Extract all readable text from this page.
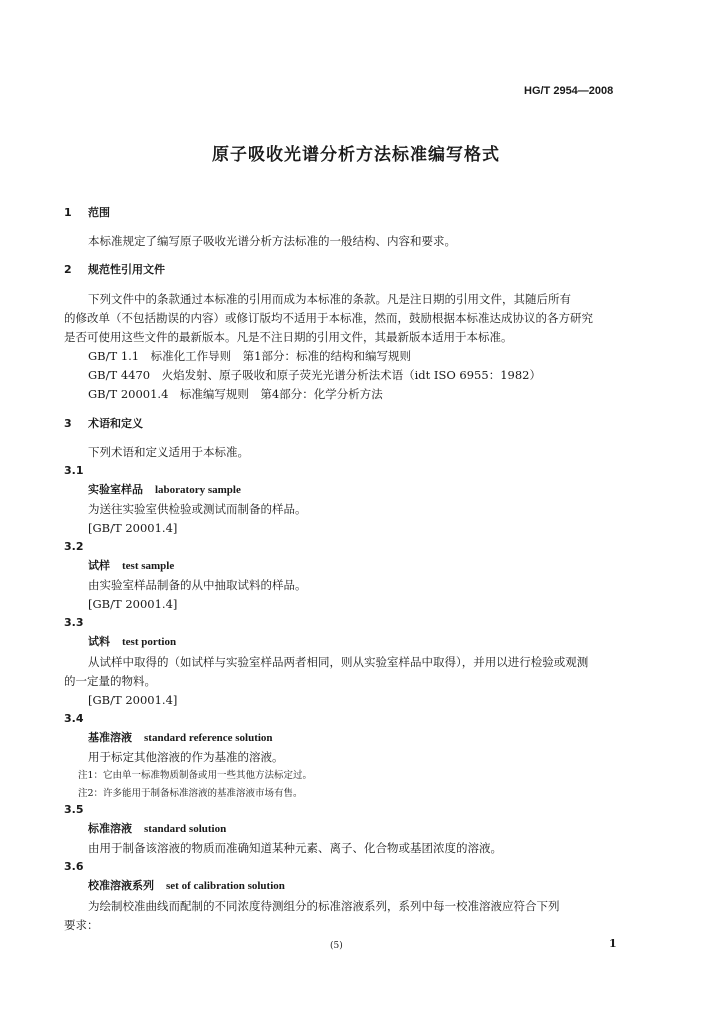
HG/T 2954—2008
原子吸收光谱分析方法标准编写格式
1 范围
本标准规定了编写原子吸收光谱分析方法标准的一般结构、内容和要求。
2 规范性引用文件
下列文件中的条款通过本标准的引用而成为本标准的条款。凡是注日期的引用文件，其随后所有
的修改单（不包括勘误的内容）或修订版均不适用于本标准，然而，鼓励根据本标准达成协议的各方研究
是否可使用这些文件的最新版本。凡是不注日期的引用文件，其最新版本适用于本标准。
GB/T 1.1　标准化工作导则　第1部分：标准的结构和编写规则
GB/T 4470　火焰发射、原子吸收和原子荧光光谱分析法术语（idt ISO 6955：1982）
GB/T 20001.4　标准编写规则　第4部分：化学分析方法
3 术语和定义
下列术语和定义适用于本标准。
3.1
实验室样品 laboratory sample
为送往实验室供检验或测试而制备的样品。
[GB/T 20001.4]
3.2
试样 test sample
由实验室样品制备的从中抽取试料的样品。
[GB/T 20001.4]
3.3
试料 test portion
从试样中取得的（如试样与实验室样品两者相同，则从实验室样品中取得），并用以进行检验或观测
的一定量的物料。
[GB/T 20001.4]
3.4
基准溶液 standard reference solution
用于标定其他溶液的作为基准的溶液。
注1：它由单一标准物质制备或用一些其他方法标定过。
注2：许多能用于制备标准溶液的基准溶液市场有售。
3.5
标准溶液 standard solution
由用于制备该溶液的物质而准确知道某种元素、离子、化合物或基团浓度的溶液。
3.6
校准溶液系列 set of calibration solution
为绘制校准曲线而配制的不同浓度待测组分的标准溶液系列，系列中每一校准溶液应符合下列
要求：
(5)	1
